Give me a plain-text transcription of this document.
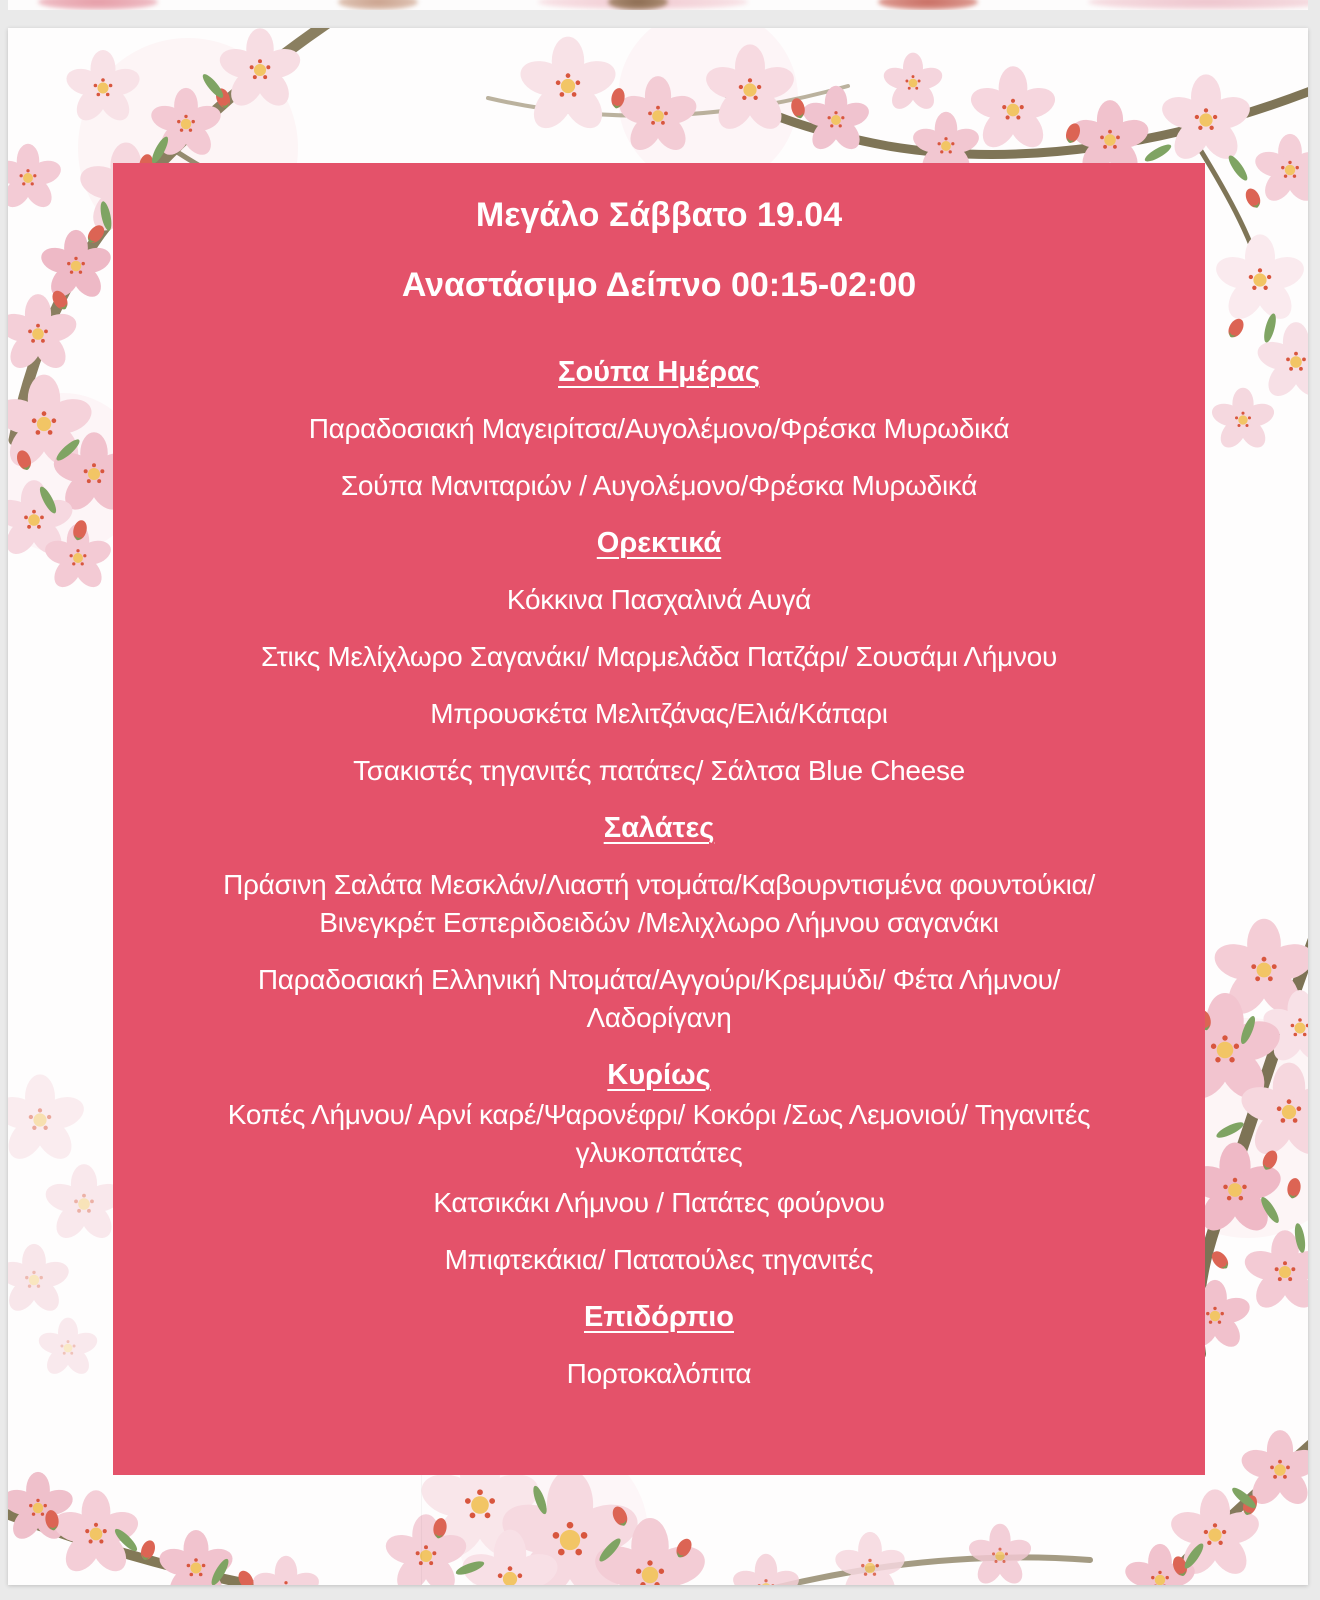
Μεγάλο Σάββατο 19.04
Αναστάσιμο Δείπνο 00:15-02:00
Σούπα Ημέρας
Παραδοσιακή Μαγειρίτσα/Αυγολέμονο/Φρέσκα Μυρωδικά
Σούπα Μανιταριών / Αυγολέμονο/Φρέσκα Μυρωδικά
Ορεκτικά
Κόκκινα Πασχαλινά Αυγά
Στικς Μελίχλωρο Σαγανάκι/ Μαρμελάδα Πατζάρι/ Σουσάμι Λήμνου
Μπρουσκέτα Μελιτζάνας/Ελιά/Κάπαρι
Τσακιστές τηγανιτές πατάτες/ Σάλτσα Blue Cheese
Σαλάτες
Πράσινη Σαλάτα Μεσκλάν/Λιαστή ντομάτα/Καβουρντισμένα φουντούκια/Βινεγκρέτ Εσπεριδοειδών /Μελιχλωρο Λήμνου σαγανάκι
Παραδοσιακή Ελληνική Ντομάτα/Αγγούρι/Κρεμμύδι/ Φέτα Λήμνου/Λαδορίγανη
Κυρίως
Κοπές Λήμνου/ Αρνί καρέ/Ψαρονέφρι/ Κοκόρι /Σως Λεμονιού/ Τηγανιτές γλυκοπατάτες
Κατσικάκι Λήμνου / Πατάτες φούρνου
Μπιφτεκάκια/ Πατατούλες τηγανιτές
Επιδόρπιο
Πορτοκαλόπιτα
